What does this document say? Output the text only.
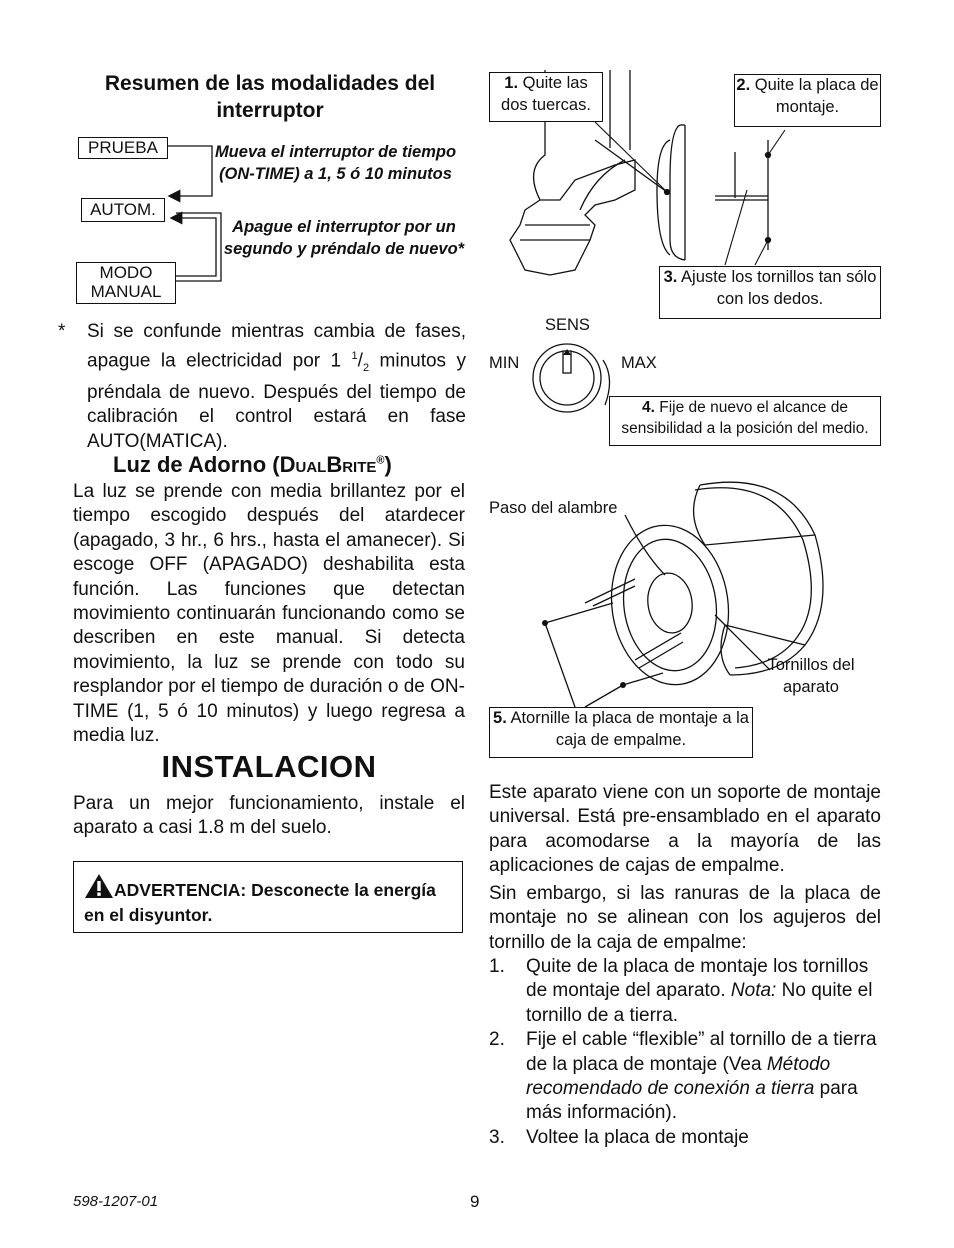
Resumen de las modalidades del interruptor
PRUEBA
AUTOM.
MODO
MANUAL
Mueva el interruptor de tiempo (ON-TIME) a 1, 5 ó 10 minutos
Apague el interruptor por un segundo y préndalo de nuevo*
* Si se confunde mientras cambia de fases, apague la electricidad por 1 $^1/_2$ minutos y préndala de nuevo. Después del tiempo de calibración el control estará en fase AUTO(MATICA).
Luz de Adorno (DUALBRITE®)
La luz se prende con media brillantez por el tiempo escogido después del atardecer (apagado, 3 hr., 6 hrs., hasta el amanecer). Si escoge OFF (APAGADO) deshabilita esta función. Las funciones que detectan movimiento continuarán funcionando como se describen en este manual. Si detecta movimiento, la luz se prende con todo su resplandor por el tiempo de duración o de ON-TIME (1, 5 ó 10 minutos) y luego regresa a media luz.
INSTALACION
Para un mejor funcionamiento, instale el aparato a casi 1.8 m del suelo.
ADVERTENCIA: Desconecte la energía en el disyuntor.
1. Quite las dos tuercas.
2. Quite la placa de montaje.
3. Ajuste los tornillos tan sólo con los dedos.
SENS
MIN	MAX
4. Fije de nuevo el alcance de sensibilidad a la posición del medio.
Paso del alambre
Tornillos del aparato
5. Atornille la placa de montaje a la caja de empalme.
Este aparato viene con un soporte de montaje universal. Está pre-ensamblado en el aparato para acomodarse a la mayoría de las aplicaciones de cajas de empalme.
Sin embargo, si las ranuras de la placa de montaje no se alinean con los agujeros del tornillo de la caja de empalme:
1. Quite de la placa de montaje los tornillos de montaje del aparato. Nota: No quite el tornillo de a tierra.
2. Fije el cable “flexible” al tornillo de a tierra de la placa de montaje (Vea Método recomendado de conexión a tierra para más información).
3. Voltee la placa de montaje
598-1207-01	9
